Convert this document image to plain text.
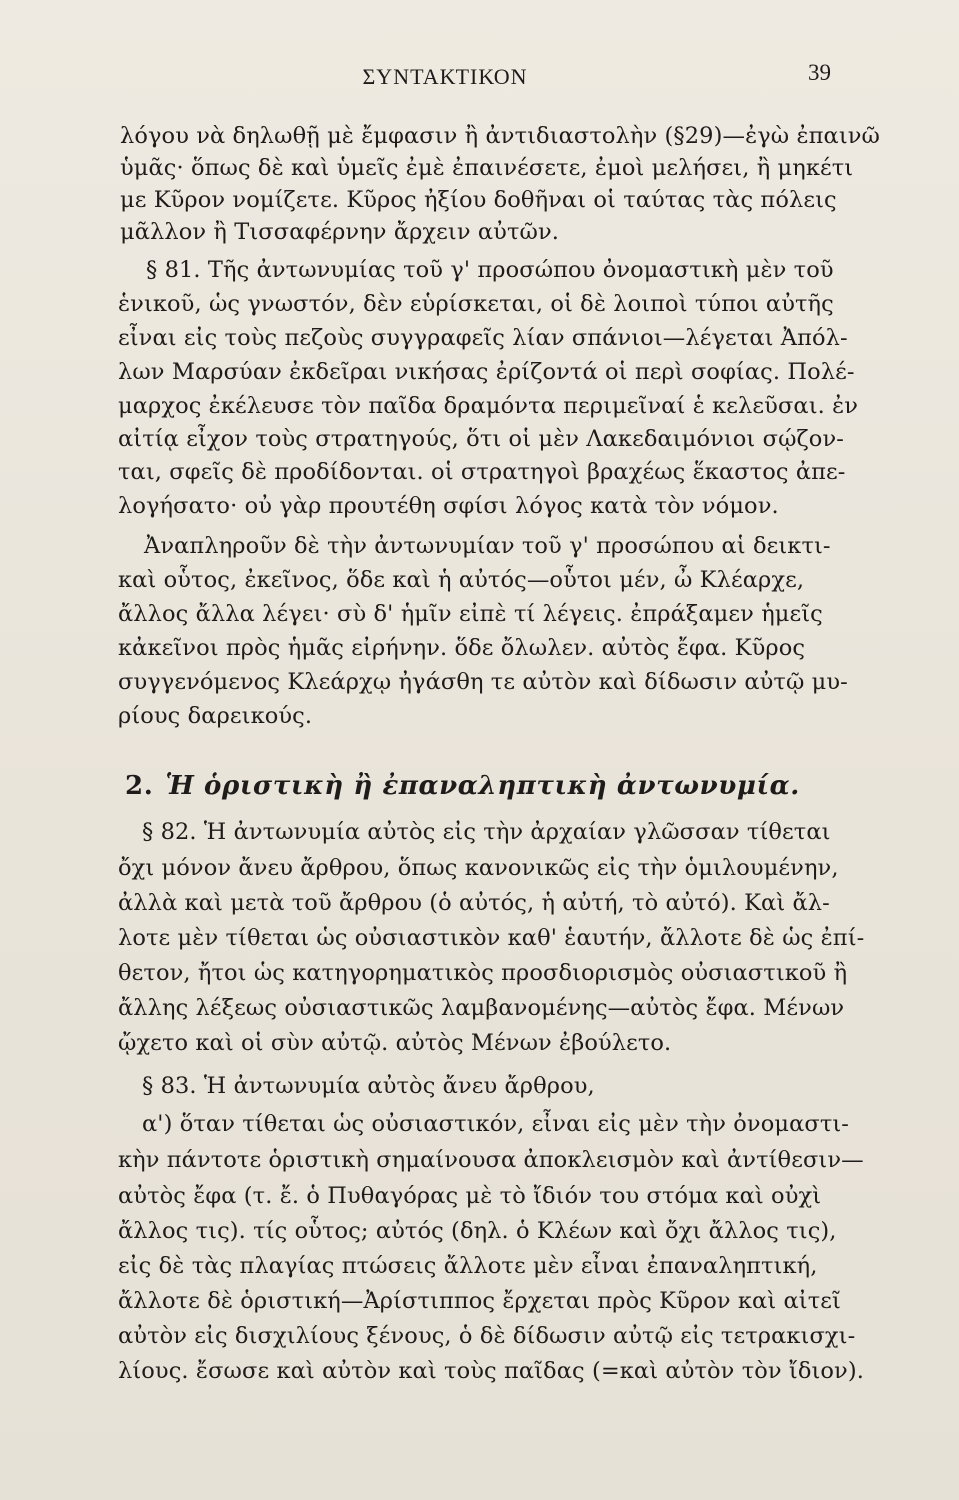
ΣΥΝΤΑΚΤΙΚΟΝ	39
λόγου νὰ δηλωθῇ μὲ ἔμφασιν ἢ ἀντιδιαστολὴν (§29)—ἐγὼ ἐπαινῶ
ὑμᾶς· ὅπως δὲ καὶ ὑμεῖς ἐμὲ ἐπαινέσετε, ἐμοὶ μελήσει, ἢ μηκέτι
με Κῦρον νομίζετε. Κῦρος ἠξίου δοθῆναι οἱ ταύτας τὰς πόλεις
μᾶλλον ἢ Τισσαφέρνην ἄρχειν αὐτῶν.
§ 81. Τῆς ἀντωνυμίας τοῦ γ' προσώπου ὀνομαστικὴ μὲν τοῦ
ἑνικοῦ, ὡς γνωστόν, δὲν εὑρίσκεται, οἱ δὲ λοιποὶ τύποι αὐτῆς
εἶναι εἰς τοὺς πεζοὺς συγγραφεῖς λίαν σπάνιοι—λέγεται Ἀπόλ-
λων Μαρσύαν ἐκδεῖραι νικήσας ἐρίζοντά οἱ περὶ σοφίας. Πολέ-
μαρχος ἐκέλευσε τὸν παῖδα δραμόντα περιμεῖναί ἑ κελεῦσαι. ἐν
αἰτίᾳ εἶχον τοὺς στρατηγούς, ὅτι οἱ μὲν Λακεδαιμόνιοι σῴζον-
ται, σφεῖς δὲ προδίδονται. οἱ στρατηγοὶ βραχέως ἕκαστος ἀπε-
λογήσατο· οὐ γὰρ προυτέθη σφίσι λόγος κατὰ τὸν νόμον.
Ἀναπληροῦν δὲ τὴν ἀντωνυμίαν τοῦ γ' προσώπου αἱ δεικτι-
καὶ οὗτος, ἐκεῖνος, ὅδε καὶ ἡ αὐτός—οὗτοι μέν, ὦ Κλέαρχε,
ἄλλος ἄλλα λέγει· σὺ δ' ἡμῖν εἰπὲ τί λέγεις. ἐπράξαμεν ἡμεῖς
κἀκεῖνοι πρὸς ἡμᾶς εἰρήνην. ὅδε ὄλωλεν. αὐτὸς ἔφα. Κῦρος
συγγενόμενος Κλεάρχῳ ἠγάσθη τε αὐτὸν καὶ δίδωσιν αὐτῷ μυ-
ρίους δαρεικούς.
2. Ἡ ὁριστικὴ ἢ ἐπαναληπτικὴ ἀντωνυμία.
§ 82. Ἡ ἀντωνυμία αὐτὸς εἰς τὴν ἀρχαίαν γλῶσσαν τίθεται
ὄχι μόνον ἄνευ ἄρθρου, ὅπως κανονικῶς εἰς τὴν ὁμιλουμένην,
ἀλλὰ καὶ μετὰ τοῦ ἄρθρου (ὁ αὐτός, ἡ αὐτή, τὸ αὐτό). Καὶ ἄλ-
λοτε μὲν τίθεται ὡς οὐσιαστικὸν καθ' ἑαυτήν, ἄλλοτε δὲ ὡς ἐπί-
θετον, ἤτοι ὡς κατηγορηματικὸς προσδιορισμὸς οὐσιαστικοῦ ἢ
ἄλλης λέξεως οὐσιαστικῶς λαμβανομένης—αὐτὸς ἔφα. Μένων
ᾤχετο καὶ οἱ σὺν αὐτῷ. αὐτὸς Μένων ἐβούλετο.
§ 83. Ἡ ἀντωνυμία αὐτὸς ἄνευ ἄρθρου,
α') ὅταν τίθεται ὡς οὐσιαστικόν, εἶναι εἰς μὲν τὴν ὀνομαστι-
κὴν πάντοτε ὁριστικὴ σημαίνουσα ἀποκλεισμὸν καὶ ἀντίθεσιν—
αὐτὸς ἔφα (τ. ἔ. ὁ Πυθαγόρας μὲ τὸ ἴδιόν του στόμα καὶ οὐχὶ
ἄλλος τις). τίς οὗτος; αὐτός (δηλ. ὁ Κλέων καὶ ὄχι ἄλλος τις),
εἰς δὲ τὰς πλαγίας πτώσεις ἄλλοτε μὲν εἶναι ἐπαναληπτική,
ἄλλοτε δὲ ὁριστική—Ἀρίστιππος ἔρχεται πρὸς Κῦρον καὶ αἰτεῖ
αὐτὸν εἰς δισχιλίους ξένους, ὁ δὲ δίδωσιν αὐτῷ εἰς τετρακισχι-
λίους. ἔσωσε καὶ αὐτὸν καὶ τοὺς παῖδας (=καὶ αὐτὸν τὸν ἴδιον).
